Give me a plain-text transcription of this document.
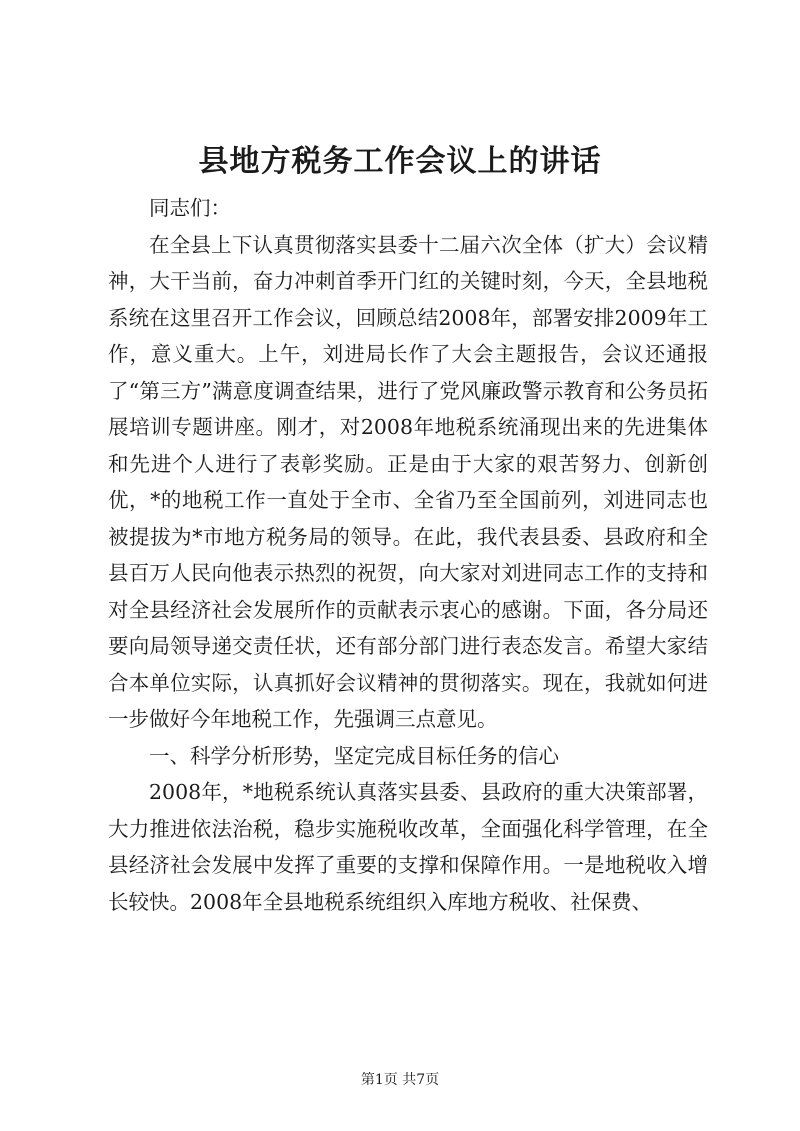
县地方税务工作会议上的讲话

同志们：

在全县上下认真贯彻落实县委十二届六次全体（扩大）会议精神，大干当前，奋力冲刺首季开门红的关键时刻，今天，全县地税系统在这里召开工作会议，回顾总结2008年，部署安排2009年工作，意义重大。上午，刘进局长作了大会主题报告，会议还通报了“第三方”满意度调查结果，进行了党风廉政警示教育和公务员拓展培训专题讲座。刚才，对2008年地税系统涌现出来的先进集体和先进个人进行了表彰奖励。正是由于大家的艰苦努力、创新创优，*的地税工作一直处于全市、全省乃至全国前列，刘进同志也被提拔为*市地方税务局的领导。在此，我代表县委、县政府和全县百万人民向他表示热烈的祝贺，向大家对刘进同志工作的支持和对全县经济社会发展所作的贡献表示衷心的感谢。下面，各分局还要向局领导递交责任状，还有部分部门进行表态发言。希望大家结合本单位实际，认真抓好会议精神的贯彻落实。现在，我就如何进一步做好今年地税工作，先强调三点意见。

一、科学分析形势，坚定完成目标任务的信心

2008年，*地税系统认真落实县委、县政府的重大决策部署，大力推进依法治税，稳步实施税收改革，全面强化科学管理，在全县经济社会发展中发挥了重要的支撑和保障作用。一是地税收入增长较快。2008年全县地税系统组织入库地方税收、社保费、

第1页 共7页
